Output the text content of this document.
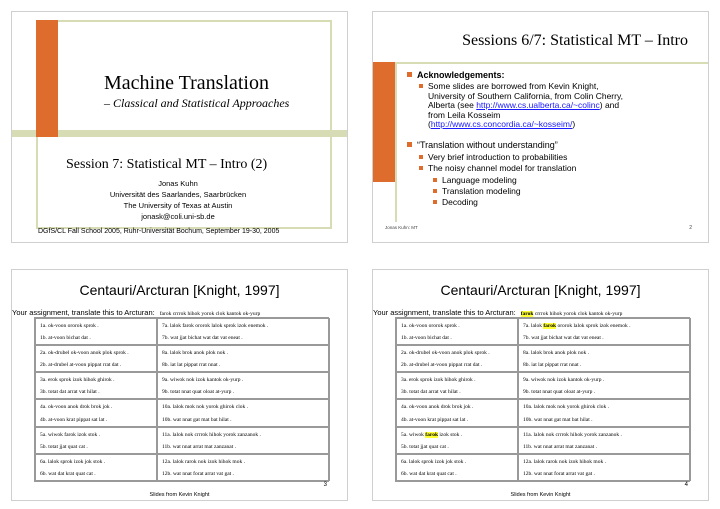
Machine Translation
– Classical and Statistical Approaches
Session 7: Statistical MT – Intro (2)
Jonas Kuhn
Universität des Saarlandes, Saarbrücken
The University of Texas at Austin
jonask@coli.uni-sb.de
DGfS/CL Fall School 2005, Ruhr-Universität Bochum, September 19-30, 2005
Sessions 6/7: Statistical MT – Intro
Acknowledgements:
Some slides are borrowed from Kevin Knight,
University of Southern California, from Colin Cherry,
Alberta (see http://www.cs.ualberta.ca/~colinc) and
from Leila Kosseim
(http://www.cs.concordia.ca/~kosseim/)
“Translation without understanding”
Very brief introduction to probabilities
The noisy channel model for translation
Language modeling
Translation modeling
Decoding
Jonas Kuhn: MT	2
Centauri/Arcturan [Knight, 1997]
Your assignment, translate this to Arcturan: farok crrrok hihok yorok clok kantok ok-yurp
1a. ok-voon ororok sprok .
1b. at-voon bichat dat .
7a. lalok farok ororok lalok sprok izok enemok .
7b. wat jjat bichat wat dat vat eneat .
2a. ok-drubel ok-voon anok plok sprok .
2b. at-drubel at-voon pippat rrat dat .
8a. lalok brok anok plok nok .
8b. iat lat pippat rrat nnat .
3a. erok sprok izok hihok ghirok .
3b. totat dat arrat vat hilat .
9a. wiwok nok izok kantok ok-yurp .
9b. totat nnat quat oloat at-yurp .
4a. ok-voon anok drok brok jok .
4b. at-voon krat pippat sat lat .
10a. lalok mok nok yorok ghirok clok .
10b. wat nnat gat mat bat hilat .
5a. wiwok farok izok stok .
5b. totat jjat quat cat .
11a. lalok nok crrrok hihok yorok zanzanok .
11b. wat nnat arrat mat zanzanat .
6a. lalok sprok izok jok stok .
6b. wat dat krat quat cat .
12a. lalok rarok nok izok hihok mok .
12b. wat nnat forat arrat vat gat .
3
Slides from Kevin Knight
Centauri/Arcturan [Knight, 1997]
Your assignment, translate this to Arcturan: farok crrrok hihok yorok clok kantok ok-yurp
1a. ok-voon ororok sprok .
1b. at-voon bichat dat .
7a. lalok farok ororok lalok sprok izok enemok .
7b. wat jjat bichat wat dat vat eneat .
2a. ok-drubel ok-voon anok plok sprok .
2b. at-drubel at-voon pippat rrat dat .
8a. lalok brok anok plok nok .
8b. iat lat pippat rrat nnat .
3a. erok sprok izok hihok ghirok .
3b. totat dat arrat vat hilat .
9a. wiwok nok izok kantok ok-yurp .
9b. totat nnat quat oloat at-yurp .
4a. ok-voon anok drok brok jok .
4b. at-voon krat pippat sat lat .
10a. lalok mok nok yorok ghirok clok .
10b. wat nnat gat mat bat hilat .
5a. wiwok farok izok stok .
5b. totat jjat quat cat .
11a. lalok nok crrrok hihok yorok zanzanok .
11b. wat nnat arrat mat zanzanat .
6a. lalok sprok izok jok stok .
6b. wat dat krat quat cat .
12a. lalok rarok nok izok hihok mok .
12b. wat nnat forat arrat vat gat .
4
Slides from Kevin Knight
